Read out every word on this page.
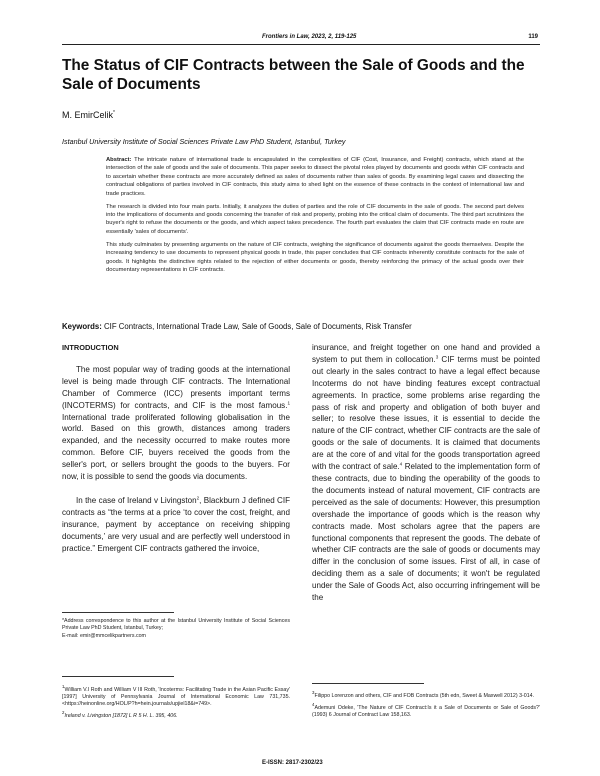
Frontiers in Law, 2023, 2, 119-125	119
The Status of CIF Contracts between the Sale of Goods and the Sale of Documents
M. EmirCelik*
Istanbul University Institute of Social Sciences Private Law PhD Student, Istanbul, Turkey

Abstract: The intricate nature of international trade is encapsulated in the complexities of CIF (Cost, Insurance, and Freight) contracts, which stand at the intersection of the sale of goods and the sale of documents. This paper seeks to dissect the pivotal roles played by documents and goods within CIF contracts and to ascertain whether these contracts are more accurately defined as sales of documents rather than sales of goods. By examining legal cases and dissecting the contractual obligations of parties involved in CIF contracts, this study aims to shed light on the essence of these contracts in the context of international law and trade practices.

The research is divided into four main parts. Initially, it analyzes the duties of parties and the role of CIF documents in the sale of goods. The second part delves into the implications of documents and goods concerning the transfer of risk and property, probing into the critical claim of documents. The third part scrutinizes the buyer's right to refuse the documents or the goods, and which aspect takes precedence. The fourth part evaluates the claim that CIF contracts made en route are essentially 'sales of documents'.

This study culminates by presenting arguments on the nature of CIF contracts, weighing the significance of documents against the goods themselves. Despite the increasing tendency to use documents to represent physical goods in trade, this paper concludes that CIF contracts inherently constitute contracts for the sale of goods. It highlights the distinctive rights related to the rejection of either documents or goods, thereby reinforcing the primacy of the actual goods over their documentary representations in CIF contracts.

Keywords: CIF Contracts, International Trade Law, Sale of Goods, Sale of Documents, Risk Transfer
INTRODUCTION

The most popular way of trading goods at the international level is being made through CIF contracts. The International Chamber of Commerce (ICC) presents important terms (INCOTERMS) for contracts, and CIF is the most famous.$^1$ International trade proliferated following globalisation in the world. Based on this growth, distances among traders expanded, and the necessity occurred to make routes more common. Before CIF, buyers received the goods from the seller's port, or sellers brought the goods to the buyers. For now, it is possible to send the goods via documents.

In the case of Ireland v Livingston$^2$, Blackburn J defined CIF contracts as “the terms at a price ‘to cover the cost, freight, and insurance, payment by acceptance on receiving shipping documents,’ are very usual and are perfectly well understood in practice.” Emergent CIF contracts gathered the invoice,

*Address correspondence to this author at the Istanbul University Institute of Social Sciences Private Law PhD Student, Istanbul, Turkey;

E-mail: emir@mmcelikpartners.com

insurance, and freight together on one hand and provided a system to put them in collocation.$^3$ CIF terms must be pointed out clearly in the sales contract to have a legal effect because Incoterms do not have binding features except contractual agreements. In practice, some problems arise regarding the pass of risk and property and obligation of both buyer and seller; to resolve these issues, it is essential to decide the nature of the CIF contract, whether CIF contracts are the sale of goods or the sale of documents. It is claimed that documents are at the core of and vital for the goods transportation agreed with the contract of sale.$^4$ Related to the implementation form of these contracts, due to binding the operability of the goods to the documents instead of natural movement, CIF contracts are perceived as the sale of documents: However, this presumption overshade the importance of goods which is the reason why contracts made. Most scholars agree that the papers are functional components that represent the goods. The debate of whether CIF contracts are the sale of goods or documents may differ in the conclusion of some issues. First of all, in case of deciding them as a sale of documents; it won't be regulated under the Sale of Goods Act, also occurring infringement will be the

$^1$William V.I Roth and William V III Roth, 'Incoterms: Facilitating Trade in the Asian Pacific Essay' [1997] University of Pennsylvania Journal of International Economic Law 731,735. <https://heinonline.org/HOL/P?h=hein.journals/upjiel18&i=749>.

$^2$Ireland v. Livingston [1872] L R 5 H. L. 395, 406.

$^3$Filippo Lorenzon and others, CIF and FOB Contracts (5th edn, Sweet & Maxwell 2012) 3-014.

$^4$Ademuni Odeke, 'The Nature of CIF Contract:Is it a Sale of Documents or Sale of Goods?' (1993) 6 Journal of Contract Law 158,163.

E-ISSN: 2817-2302/23
